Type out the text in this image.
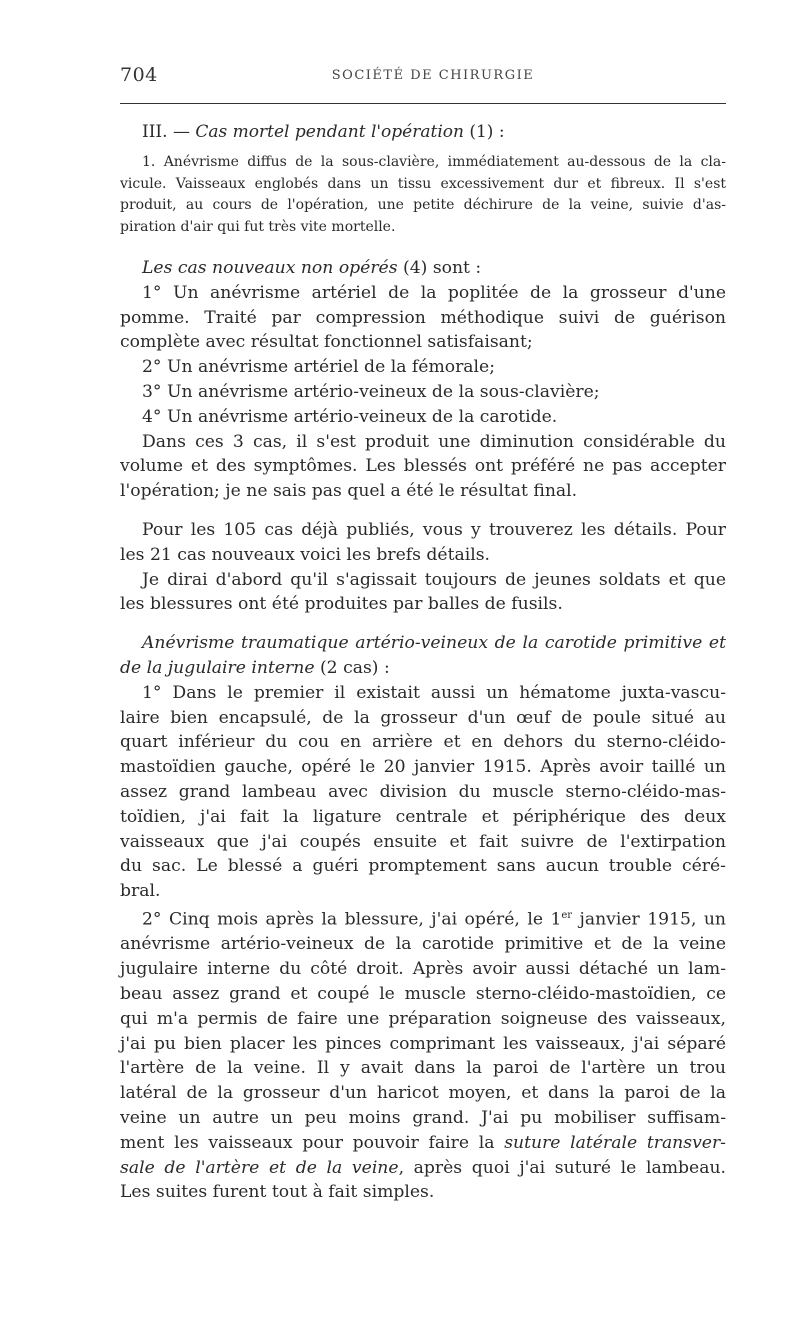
704	SOCIÉTÉ DE CHIRURGIE
III. — Cas mortel pendant l'opération (1) :
1. Anévrisme diffus de la sous-clavière, immédiatement au-dessous de la cla-
vicule. Vaisseaux englobés dans un tissu excessivement dur et fibreux. Il s'est
produit, au cours de l'opération, une petite déchirure de la veine, suivie d'as-
piration d'air qui fut très vite mortelle.
Les cas nouveaux non opérés (4) sont :
1° Un anévrisme artériel de la poplitée de la grosseur d'une
pomme. Traité par compression méthodique suivi de guérison
complète avec résultat fonctionnel satisfaisant;
2° Un anévrisme artériel de la fémorale;
3° Un anévrisme artério-veineux de la sous-clavière;
4° Un anévrisme artério-veineux de la carotide.
Dans ces 3 cas, il s'est produit une diminution considérable du
volume et des symptômes. Les blessés ont préféré ne pas accepter
l'opération; je ne sais pas quel a été le résultat final.
Pour les 105 cas déjà publiés, vous y trouverez les détails. Pour
les 21 cas nouveaux voici les brefs détails.
Je dirai d'abord qu'il s'agissait toujours de jeunes soldats et que
les blessures ont été produites par balles de fusils.
Anévrisme traumatique artério-veineux de la carotide primitive et
de la jugulaire interne (2 cas) :
1° Dans le premier il existait aussi un hématome juxta-vascu-
laire bien encapsulé, de la grosseur d'un œuf de poule situé au
quart inférieur du cou en arrière et en dehors du sterno-cléido-
mastoïdien gauche, opéré le 20 janvier 1915. Après avoir taillé un
assez grand lambeau avec division du muscle sterno-cléido-mas-
toïdien, j'ai fait la ligature centrale et périphérique des deux
vaisseaux que j'ai coupés ensuite et fait suivre de l'extirpation
du sac. Le blessé a guéri promptement sans aucun trouble céré-
bral.
2° Cinq mois après la blessure, j'ai opéré, le 1er janvier 1915, un
anévrisme artério-veineux de la carotide primitive et de la veine
jugulaire interne du côté droit. Après avoir aussi détaché un lam-
beau assez grand et coupé le muscle sterno-cléido-mastoïdien, ce
qui m'a permis de faire une préparation soigneuse des vaisseaux,
j'ai pu bien placer les pinces comprimant les vaisseaux, j'ai séparé
l'artère de la veine. Il y avait dans la paroi de l'artère un trou
latéral de la grosseur d'un haricot moyen, et dans la paroi de la
veine un autre un peu moins grand. J'ai pu mobiliser suffisam-
ment les vaisseaux pour pouvoir faire la suture latérale transver-
sale de l'artère et de la veine, après quoi j'ai suturé le lambeau.
Les suites furent tout à fait simples.
